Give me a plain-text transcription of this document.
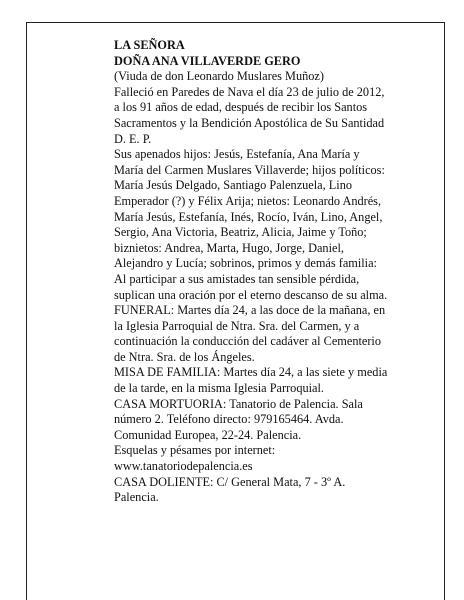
LA SEÑORA
DOÑA ANA VILLAVERDE GERO
(Viuda de don Leonardo Muslares Muñoz)
Falleció en Paredes de Nava el día 23 de julio de 2012,
a los 91 años de edad, después de recibir los Santos
Sacramentos y la Bendición Apostólica de Su Santidad
D. E. P.
Sus apenados hijos: Jesús, Estefanía, Ana María y
María del Carmen Muslares Villaverde; hijos políticos:
María Jesús Delgado, Santiago Palenzuela, Lino
Emperador (?) y Félix Arija; nietos: Leonardo Andrés,
María Jesús, Estefanía, Inés, Rocío, Iván, Lino, Angel,
Sergio, Ana Victoria, Beatriz, Alicia, Jaime y Toño;
biznietos: Andrea, Marta, Hugo, Jorge, Daniel,
Alejandro y Lucía; sobrinos, primos y demás familia:
Al participar a sus amistades tan sensible pérdida,
suplican una oración por el eterno descanso de su alma.
FUNERAL: Martes día 24, a las doce de la mañana, en
la Iglesia Parroquial de Ntra. Sra. del Carmen, y a
continuación la conducción del cadáver al Cementerio
de Ntra. Sra. de los Ángeles.
MISA DE FAMILIA: Martes día 24, a las siete y media
de la tarde, en la misma Iglesia Parroquial.
CASA MORTUORIA: Tanatorio de Palencia. Sala
número 2. Teléfono directo: 979165464. Avda.
Comunidad Europea, 22-24. Palencia.
Esquelas y pésames por internet:
www.tanatoriodepalencia.es
CASA DOLIENTE: C/ General Mata, 7 - 3º A.
Palencia.
